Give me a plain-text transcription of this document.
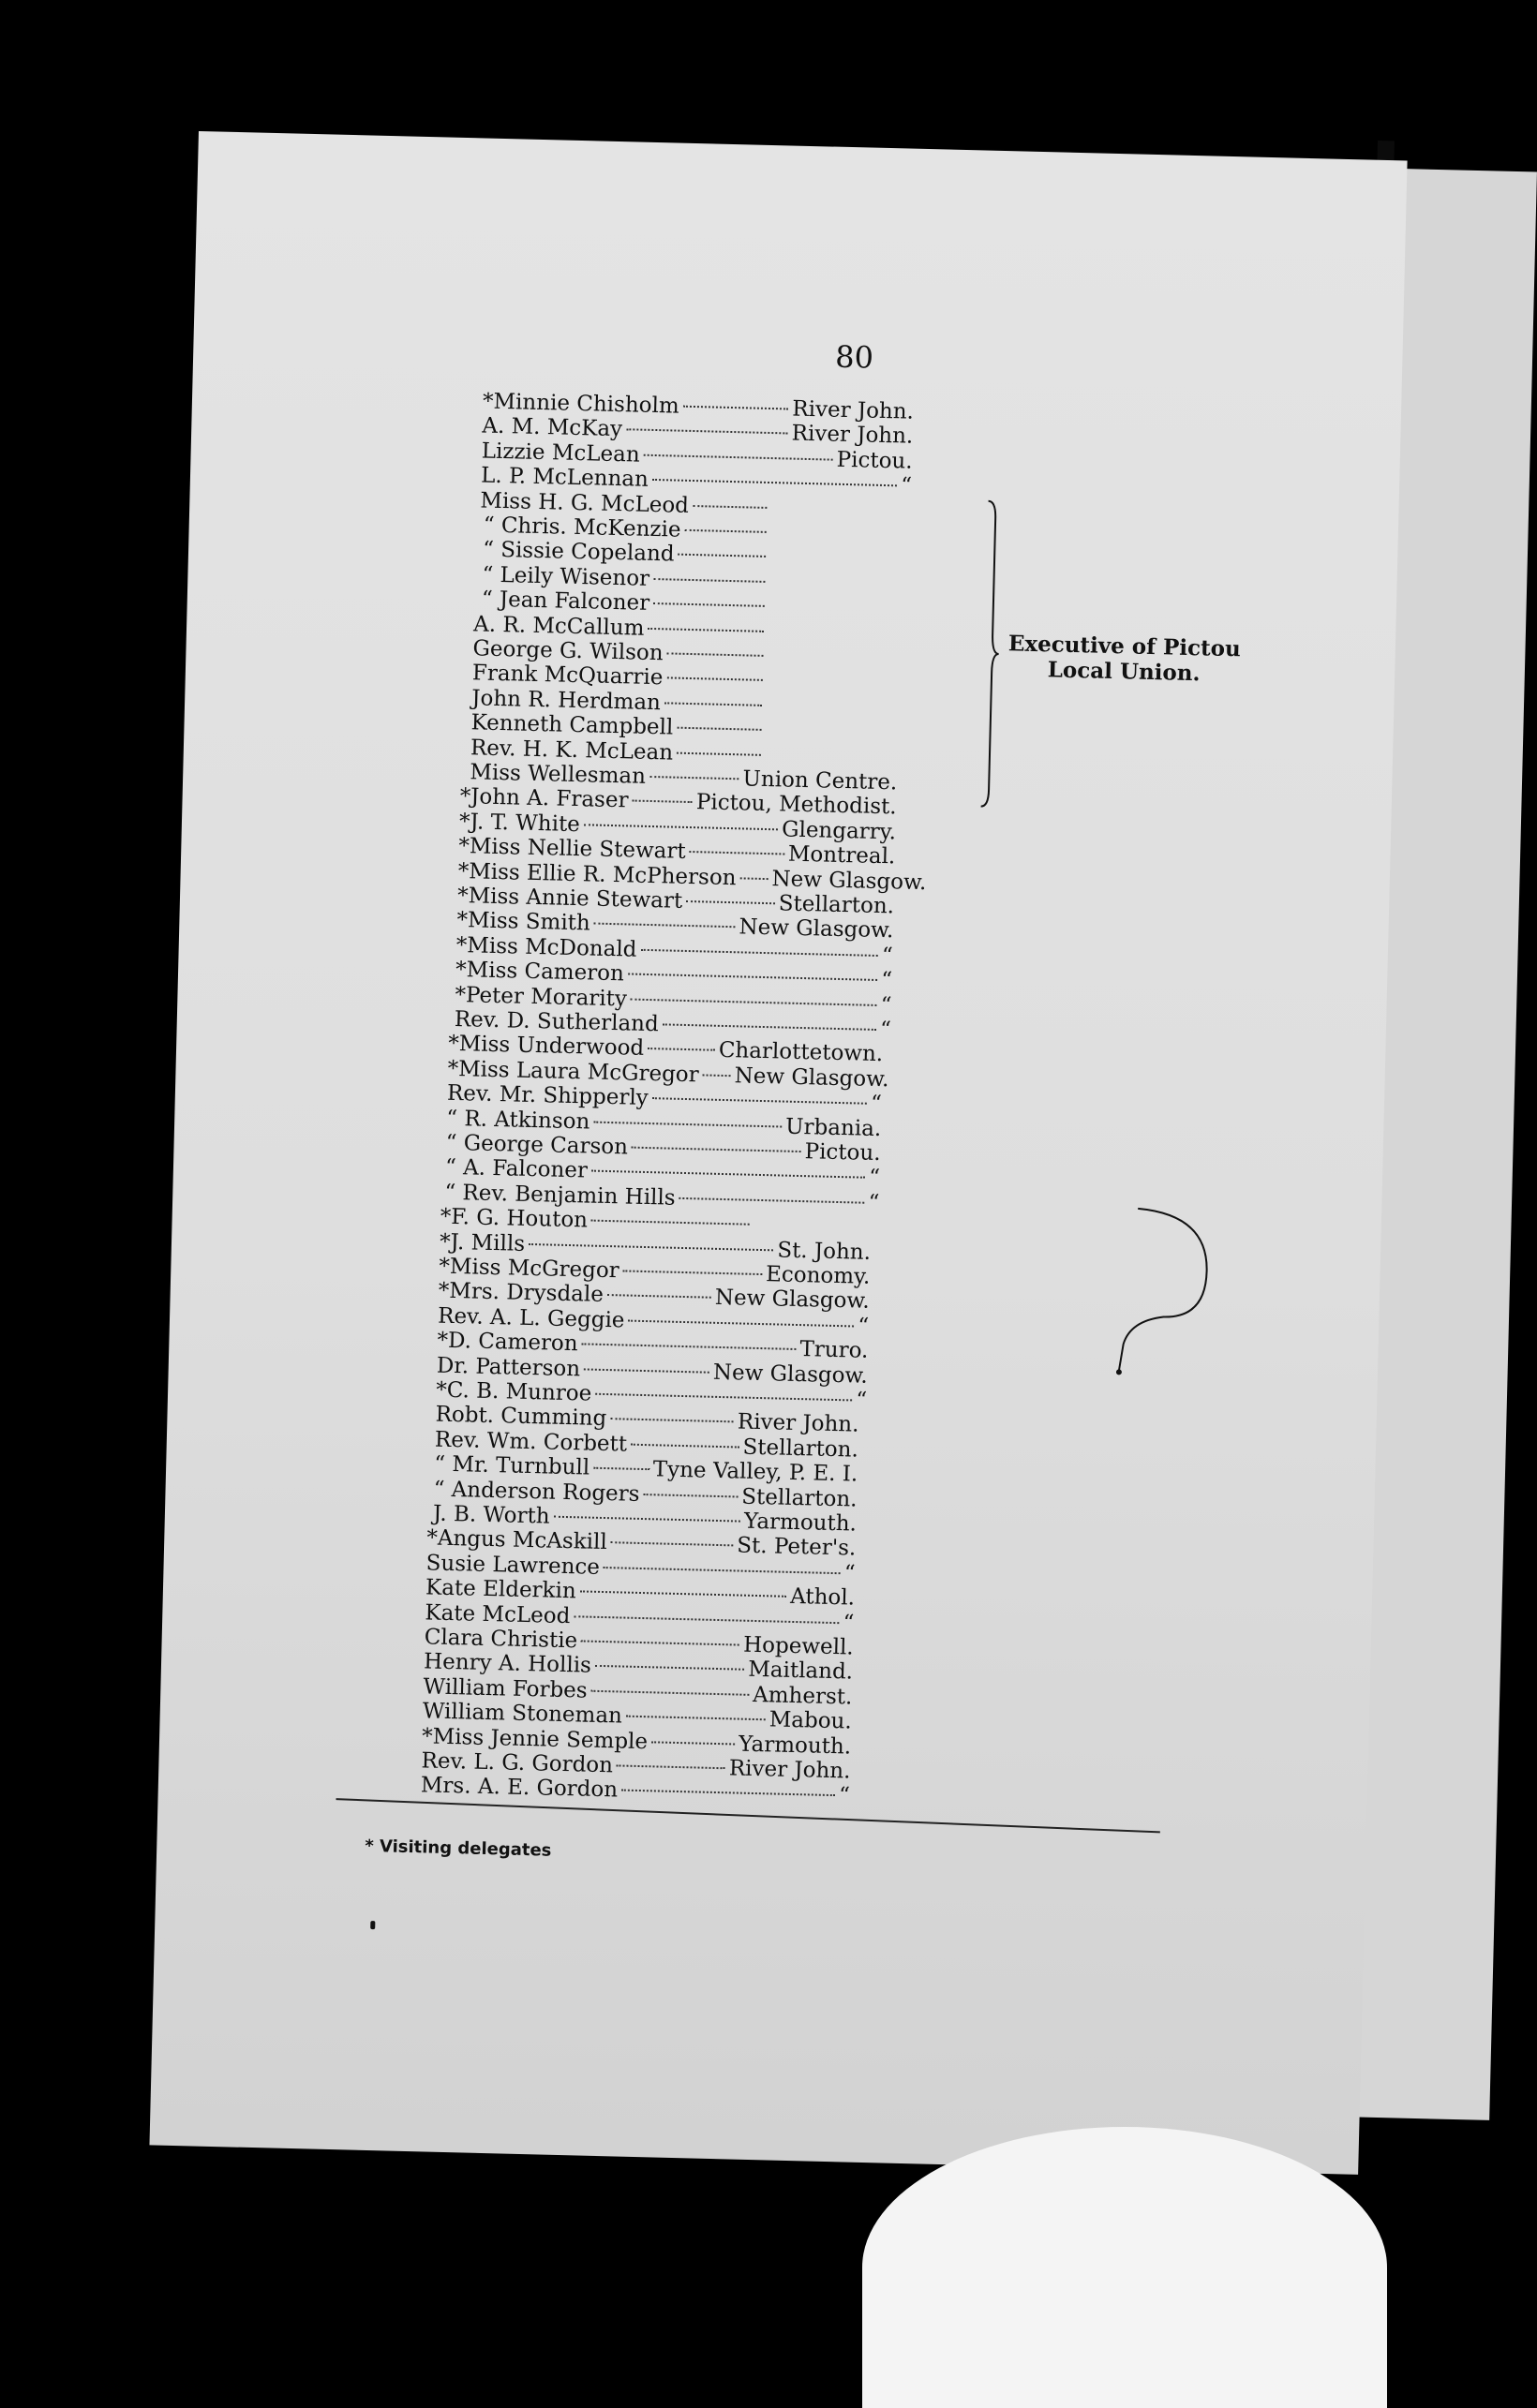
80
*Minnie Chisholm	River John.
A. M. McKay	River John.
Lizzie McLean	Pictou.
L. P. McLennan	“
Miss H. G. McLeod
“ Chris. McKenzie
“ Sissie Copeland
“ Leily Wisenor
“ Jean Falconer
A. R. McCallum
George G. Wilson
Frank McQuarrie
John R. Herdman
Kenneth Campbell
Rev. H. K. McLean
Miss Wellesman	Union Centre.
*John A. Fraser	Pictou, Methodist.
*J. T. White	Glengarry.
*Miss Nellie Stewart	Montreal.
*Miss Ellie R. McPherson New Glasgow.
*Miss Annie Stewart	Stellarton.
*Miss Smith	New Glasgow.
*Miss McDonald	“
*Miss Cameron	“
*Peter Morarity	“
Rev. D. Sutherland	“
*Miss Underwood	Charlottetown.
*Miss Laura McGregor New Glasgow.
Rev. Mr. Shipperly	“
“ R. Atkinson	Urbania.
“ George Carson	Pictou.
“ A. Falconer	“
“ Rev. Benjamin Hills	“
*F. G. Houton
*J. Mills	St. John.
*Miss McGregor	Economy.
*Mrs. Drysdale	New Glasgow.
Rev. A. L. Geggie	“
*D. Cameron	Truro.
Dr. Patterson	New Glasgow.
*C. B. Munroe	“
Robt. Cumming	River John.
Rev. Wm. Corbett	Stellarton.
“ Mr. Turnbull	Tyne Valley, P. E. I.
“ Anderson Rogers	Stellarton.
J. B. Worth	Yarmouth.
*Angus McAskill	St. Peter's.
Susie Lawrence	“
Kate Elderkin	Athol.
Kate McLeod	“
Clara Christie	Hopewell.
Henry A. Hollis	Maitland.
William Forbes	Amherst.
William Stoneman	Mabou.
*Miss Jennie Semple	Yarmouth.
Rev. L. G. Gordon	River John.
Mrs. A. E. Gordon	“
Executive of Pictou
Local Union.
* Visiting delegates
